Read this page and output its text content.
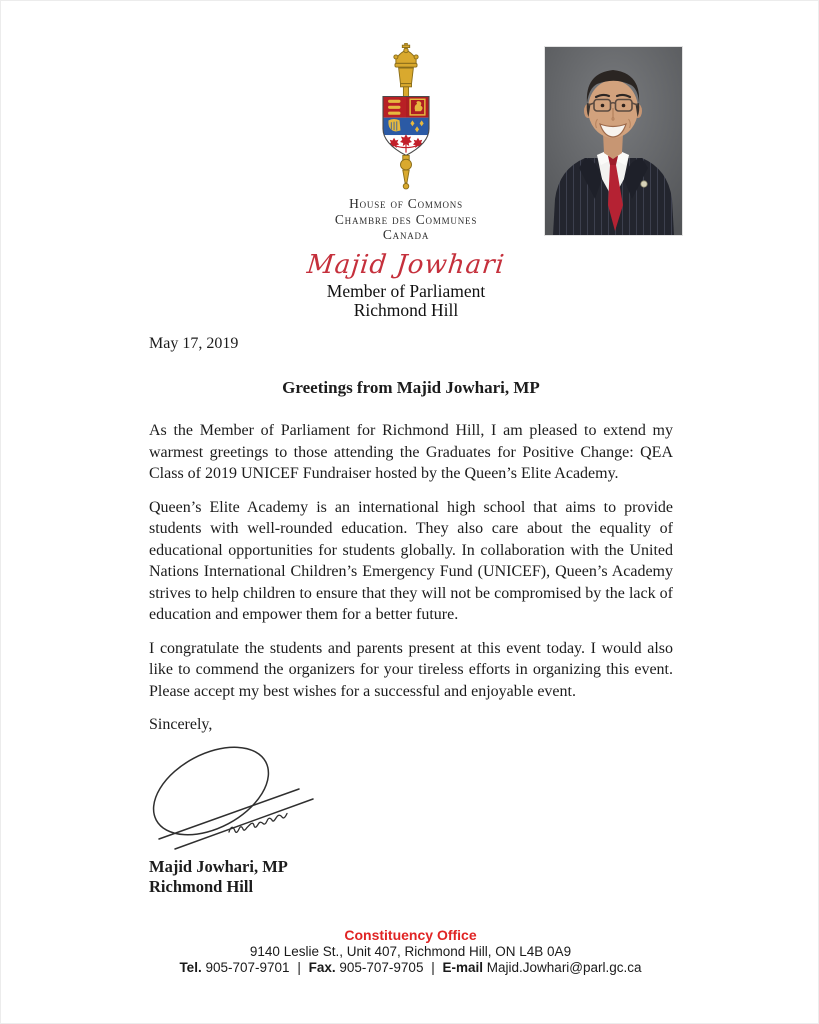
House of Commons
Chambre des Communes
Canada
Majid Jowhari
Member of Parliament
Richmond Hill
May 17, 2019
Greetings from Majid Jowhari, MP

As the Member of Parliament for Richmond Hill, I am pleased to extend my warmest greetings to those attending the Graduates for Positive Change: QEA Class of 2019 UNICEF Fundraiser hosted by the Queen’s Elite Academy.

Queen’s Elite Academy is an international high school that aims to provide students with well-rounded education. They also care about the equality of educational opportunities for students globally. In collaboration with the United Nations International Children’s Emergency Fund (UNICEF), Queen’s Academy strives to help children to ensure that they will not be compromised by the lack of education and empower them for a better future.

I congratulate the students and parents present at this event today. I would also like to commend the organizers for your tireless efforts in organizing this event. Please accept my best wishes for a successful and enjoyable event.

Sincerely,
Majid Jowhari, MP
Richmond Hill
Constituency Office
9140 Leslie St., Unit 407, Richmond Hill, ON L4B 0A9
Tel. 905-707-9701 | Fax. 905-707-9705 | E-mail Majid.Jowhari@parl.gc.ca
